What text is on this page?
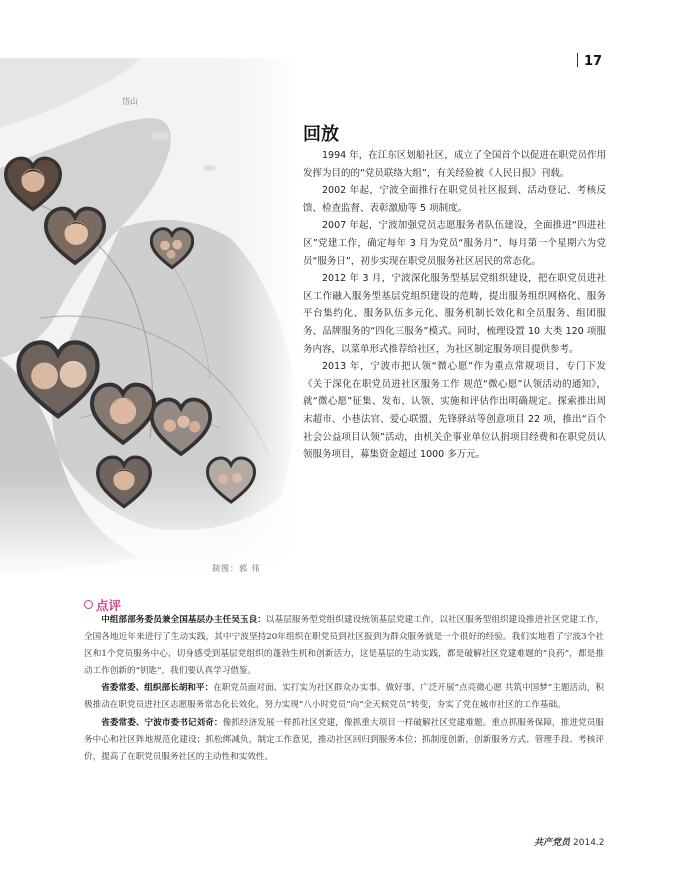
17
岱山
制图：郭 伟
回放

1994 年，在江东区划船社区，成立了全国首个以促进在职党员作用发挥为目的的“党员联络大组”，有关经验被《人民日报》刊载。

2002 年起，宁波全面推行在职党员社区报到、活动登记、考核反馈、检查监督、表彰激励等 5 项制度。

2007 年起，宁波加强党员志愿服务者队伍建设，全面推进“四进社区”党建工作，确定每年 3 月为党员“服务月”、每月第一个星期六为党员“服务日”，初步实现在职党员服务社区居民的常态化。

2012 年 3 月，宁波深化服务型基层党组织建设，把在职党员进社区工作融入服务型基层党组织建设的范畴，提出服务组织网格化、服务平台集约化、服务队伍多元化、服务机制长效化和全员服务、组团服务、品牌服务的“四化三服务”模式。同时，梳理设置 10 大类 120 项服务内容，以菜单形式推荐给社区，为社区制定服务项目提供参考。

2013 年，宁波市把认领“微心愿”作为重点常规项目，专门下发《关于深化在职党员进社区服务工作 规范“微心愿”认领活动的通知》，就“微心愿”征集、发布、认领、实施和评估作出明确规定。探索推出周末超市、小巷法官、爱心联盟、先锋驿站等创意项目 22 项，推出“百个社会公益项目认领”活动，由机关企事业单位认捐项目经费和在职党员认领服务项目，募集资金超过 1000 多万元。

点评

中组部部务委员兼全国基层办主任吴玉良：以基层服务型党组织建设统领基层党建工作，以社区服务型组织建设推进社区党建工作，全国各地近年来进行了生动实践，其中宁波坚持20年组织在职党员到社区报到为群众服务就是一个很好的经验。我们实地看了宁波3个社区和1个党员服务中心，切身感受到基层党组织的蓬勃生机和创新活力，这是基层的生动实践，都是破解社区党建难题的“良药”，都是推动工作创新的“钥匙”，我们要认真学习借鉴。

省委常委、组织部长胡和平：在职党员面对面、实打实为社区群众办实事、做好事，广泛开展“点亮微心愿 共筑中国梦”主题活动，积极推动在职党员进社区志愿服务常态化长效化，努力实现“八小时党员”向“全天候党员”转变，夯实了党在城市社区的工作基础。

省委常委、宁波市委书记刘奇：像抓经济发展一样抓社区党建，像抓重大项目一样破解社区党建难题。重点抓服务保障，推进党员服务中心和社区阵地规范化建设；抓松绑减负，制定工作意见，推动社区回归到服务本位；抓制度创新，创新服务方式、管理手段、考核评价，提高了在职党员服务社区的主动性和实效性。

共产党员 2014.2
